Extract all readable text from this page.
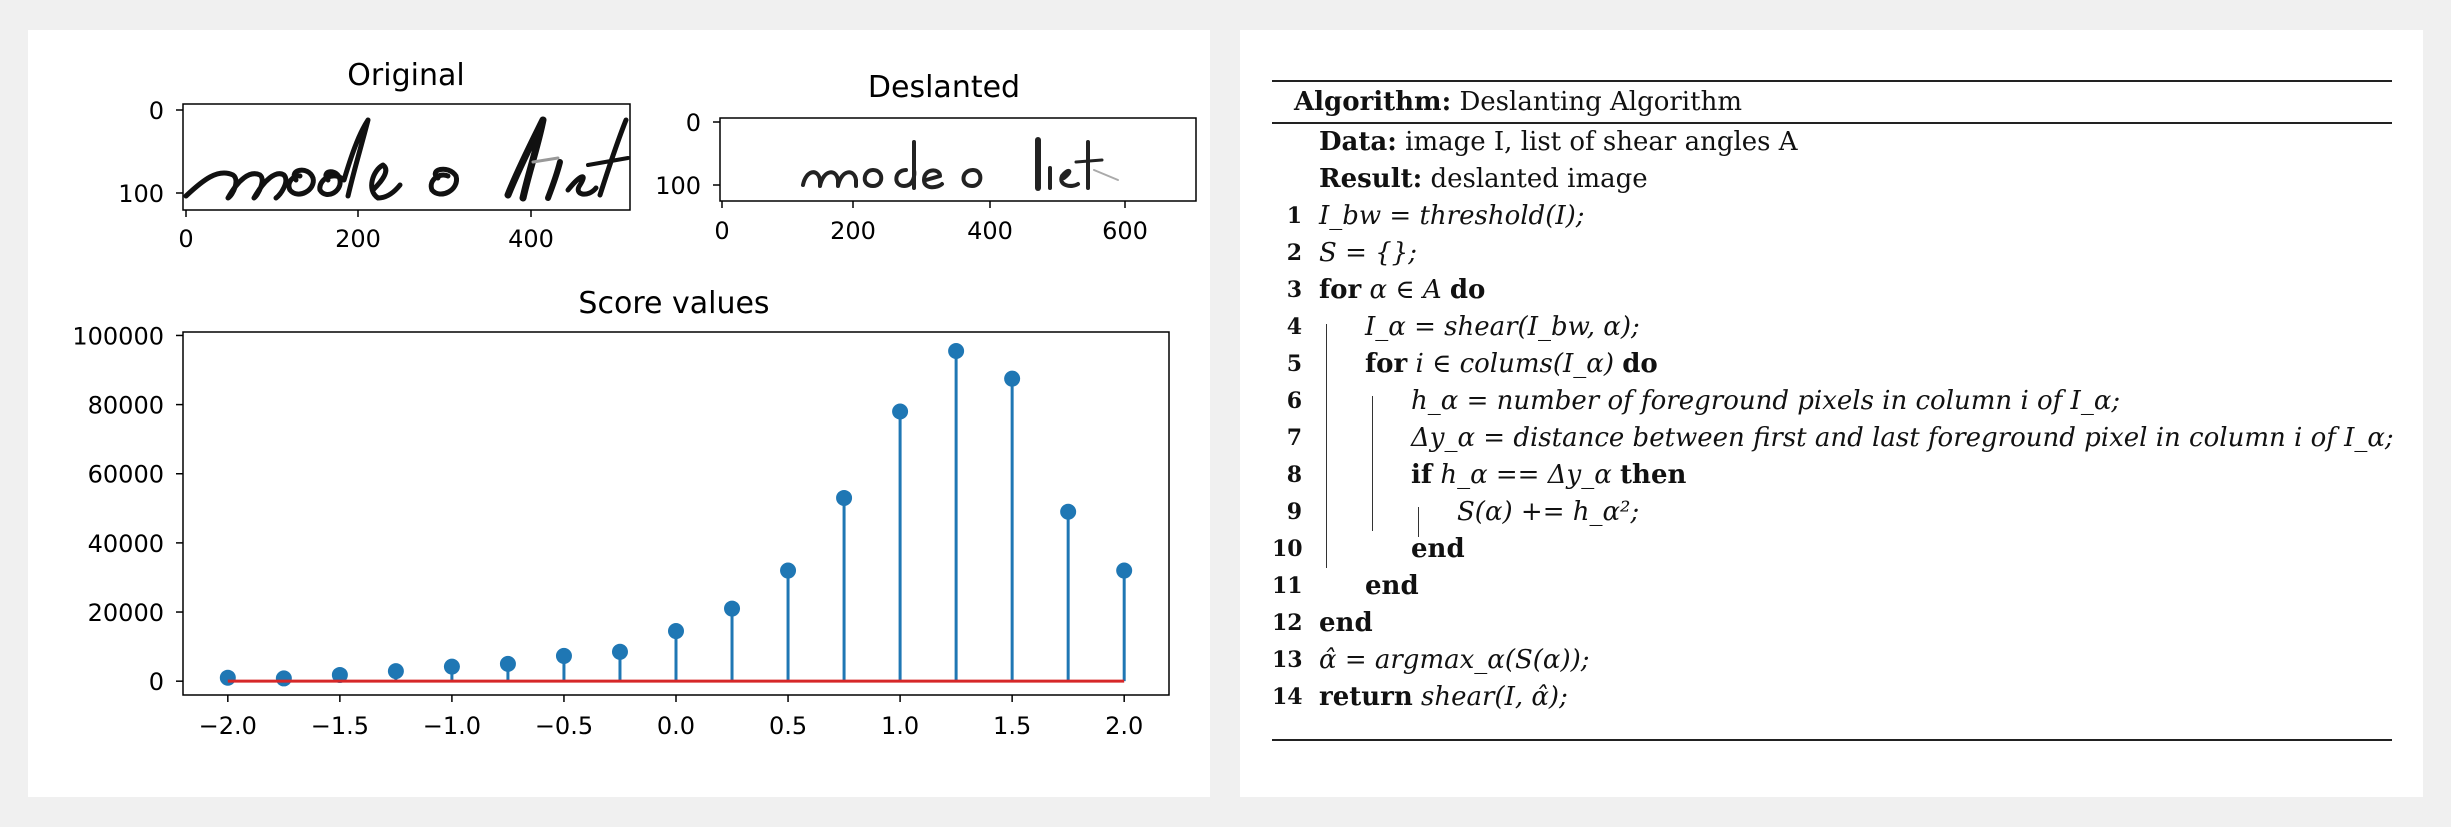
Original
0
100
0	200	400
Deslanted
0
100
0	200	400	600
Score values
−2.0 −1.5 −1.0 −0.5	0.0	0.5	1.0	1.5	2.0
0
20000
40000
60000
80000
100000
Algorithm: Deslanting Algorithm
Data: image I, list of shear angles A
Result: deslanted image
1 I_bw = threshold(I);
2 S = {};
3 for α ∈ A do
4 I_α = shear(I_bw, α);
5 for i ∈ colums(I_α) do
6	h_α = number of foreground pixels in column i of I_α;
7	Δy_α = distance between first and last foreground pixel in column i of I_α;
8	if h_α == Δy_α then
9	S(α) += h_α²;
10	end
11 end
12 end
13 α̂ = argmax_α(S(α));
14 return shear(I, α̂);
